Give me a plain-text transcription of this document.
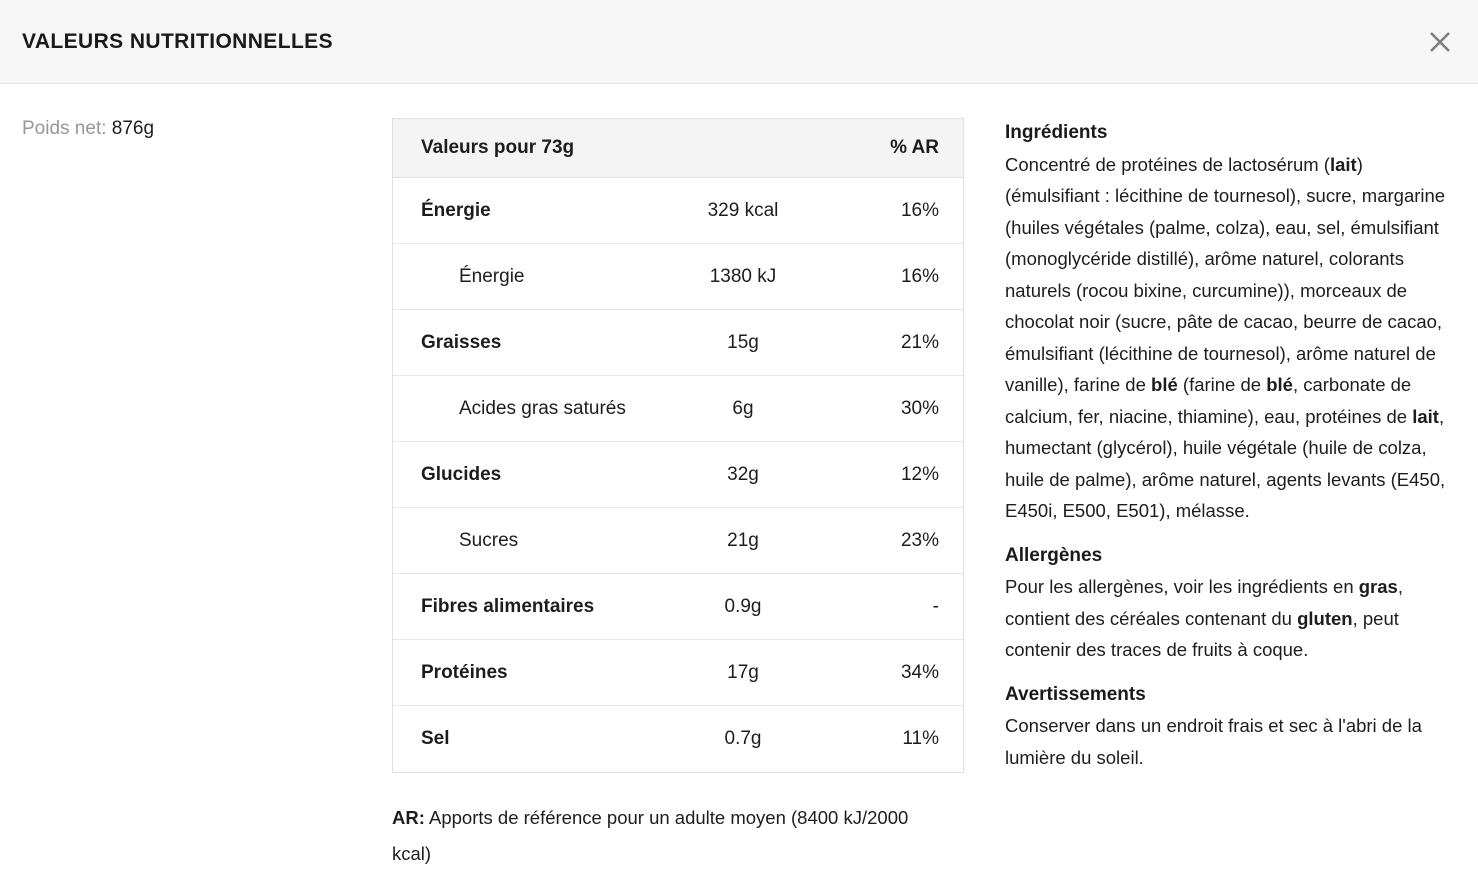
VALEURS NUTRITIONNELLES
Poids net: 876g
Valeurs pour 73g	% AR
Énergie	329 kcal	16%
Énergie	1380 kJ	16%
Graisses	15g	21%
Acides gras saturés	6g	30%
Glucides	32g	12%
Sucres	21g	23%
Fibres alimentaires	0.9g	-
Protéines	17g	34%
Sel	0.7g	11%
AR: Apports de référence pour un adulte moyen (8400 kJ/2000 kcal)
Ingrédients

Concentré de protéines de lactosérum (lait) (émulsifiant : lécithine de tournesol), sucre, margarine (huiles végétales (palme, colza), eau, sel, émulsifiant (monoglycéride distillé), arôme naturel, colorants naturels (rocou bixine, curcumine)), morceaux de chocolat noir (sucre, pâte de cacao, beurre de cacao, émulsifiant (lécithine de tournesol), arôme naturel de vanille), farine de blé (farine de blé, carbonate de calcium, fer, niacine, thiamine), eau, protéines de lait, humectant (glycérol), huile végétale (huile de colza, huile de palme), arôme naturel, agents levants (E450, E450i, E500, E501), mélasse.

Allergènes

Pour les allergènes, voir les ingrédients en gras, contient des céréales contenant du gluten, peut contenir des traces de fruits à coque.

Avertissements

Conserver dans un endroit frais et sec à l'abri de la lumière du soleil.
